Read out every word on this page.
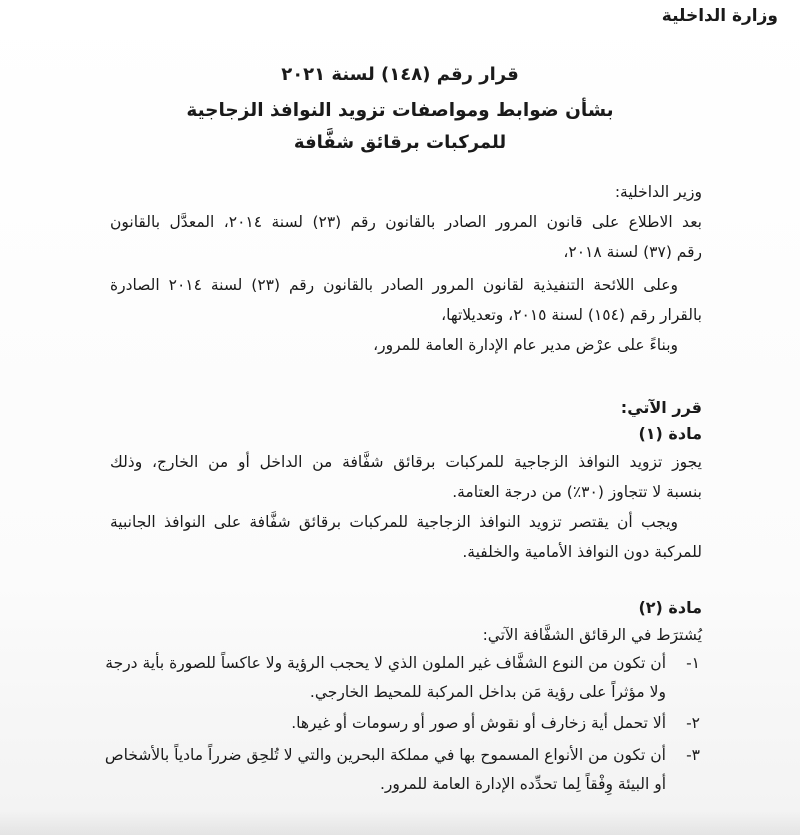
وزارة الداخلية
قرار رقم (١٤٨) لسنة ٢٠٢١
بشأن ضوابط ومواصفات تزويد النوافذ الزجاجية
للمركبات برقائق شفَّافة
وزير الداخلية:
بعد الاطلاع على قانون المرور الصادر بالقانون رقم (٢٣) لسنة ٢٠١٤، المعدَّل بالقانون
رقم (٣٧) لسنة ٢٠١٨،
وعلى اللائحة التنفيذية لقانون المرور الصادر بالقانون رقم (٢٣) لسنة ٢٠١٤ الصادرة
بالقرار رقم (١٥٤) لسنة ٢٠١٥، وتعديلاتها،
وبناءً على عرْض مدير عام الإدارة العامة للمرور،
قرر الآتي:
مادة (١)
يجوز تزويد النوافذ الزجاجية للمركبات برقائق شفَّافة من الداخل أو من الخارج، وذلك
بنسبة لا تتجاوز (٣٠٪) من درجة العتامة.
ويجب أن يقتصر تزويد النوافذ الزجاجية للمركبات برقائق شفَّافة على النوافذ الجانبية
للمركبة دون النوافذ الأمامية والخلفية.
مادة (٢)
يُشترَط في الرقائق الشفَّافة الآتي:
١-
أن تكون من النوع الشفَّاف غير الملون الذي لا يحجب الرؤية ولا عاكساً للصورة بأية درجة
ولا مؤثراً على رؤية مَن بداخل المركبة للمحيط الخارجي.
٢-
ألا تحمل أية زخارف أو نقوش أو صور أو رسومات أو غيرها.
٣-
أن تكون من الأنواع المسموح بها في مملكة البحرين والتي لا تُلحِق ضرراً مادياً بالأشخاص
أو البيئة وِفْقاً لِما تحدِّده الإدارة العامة للمرور.
